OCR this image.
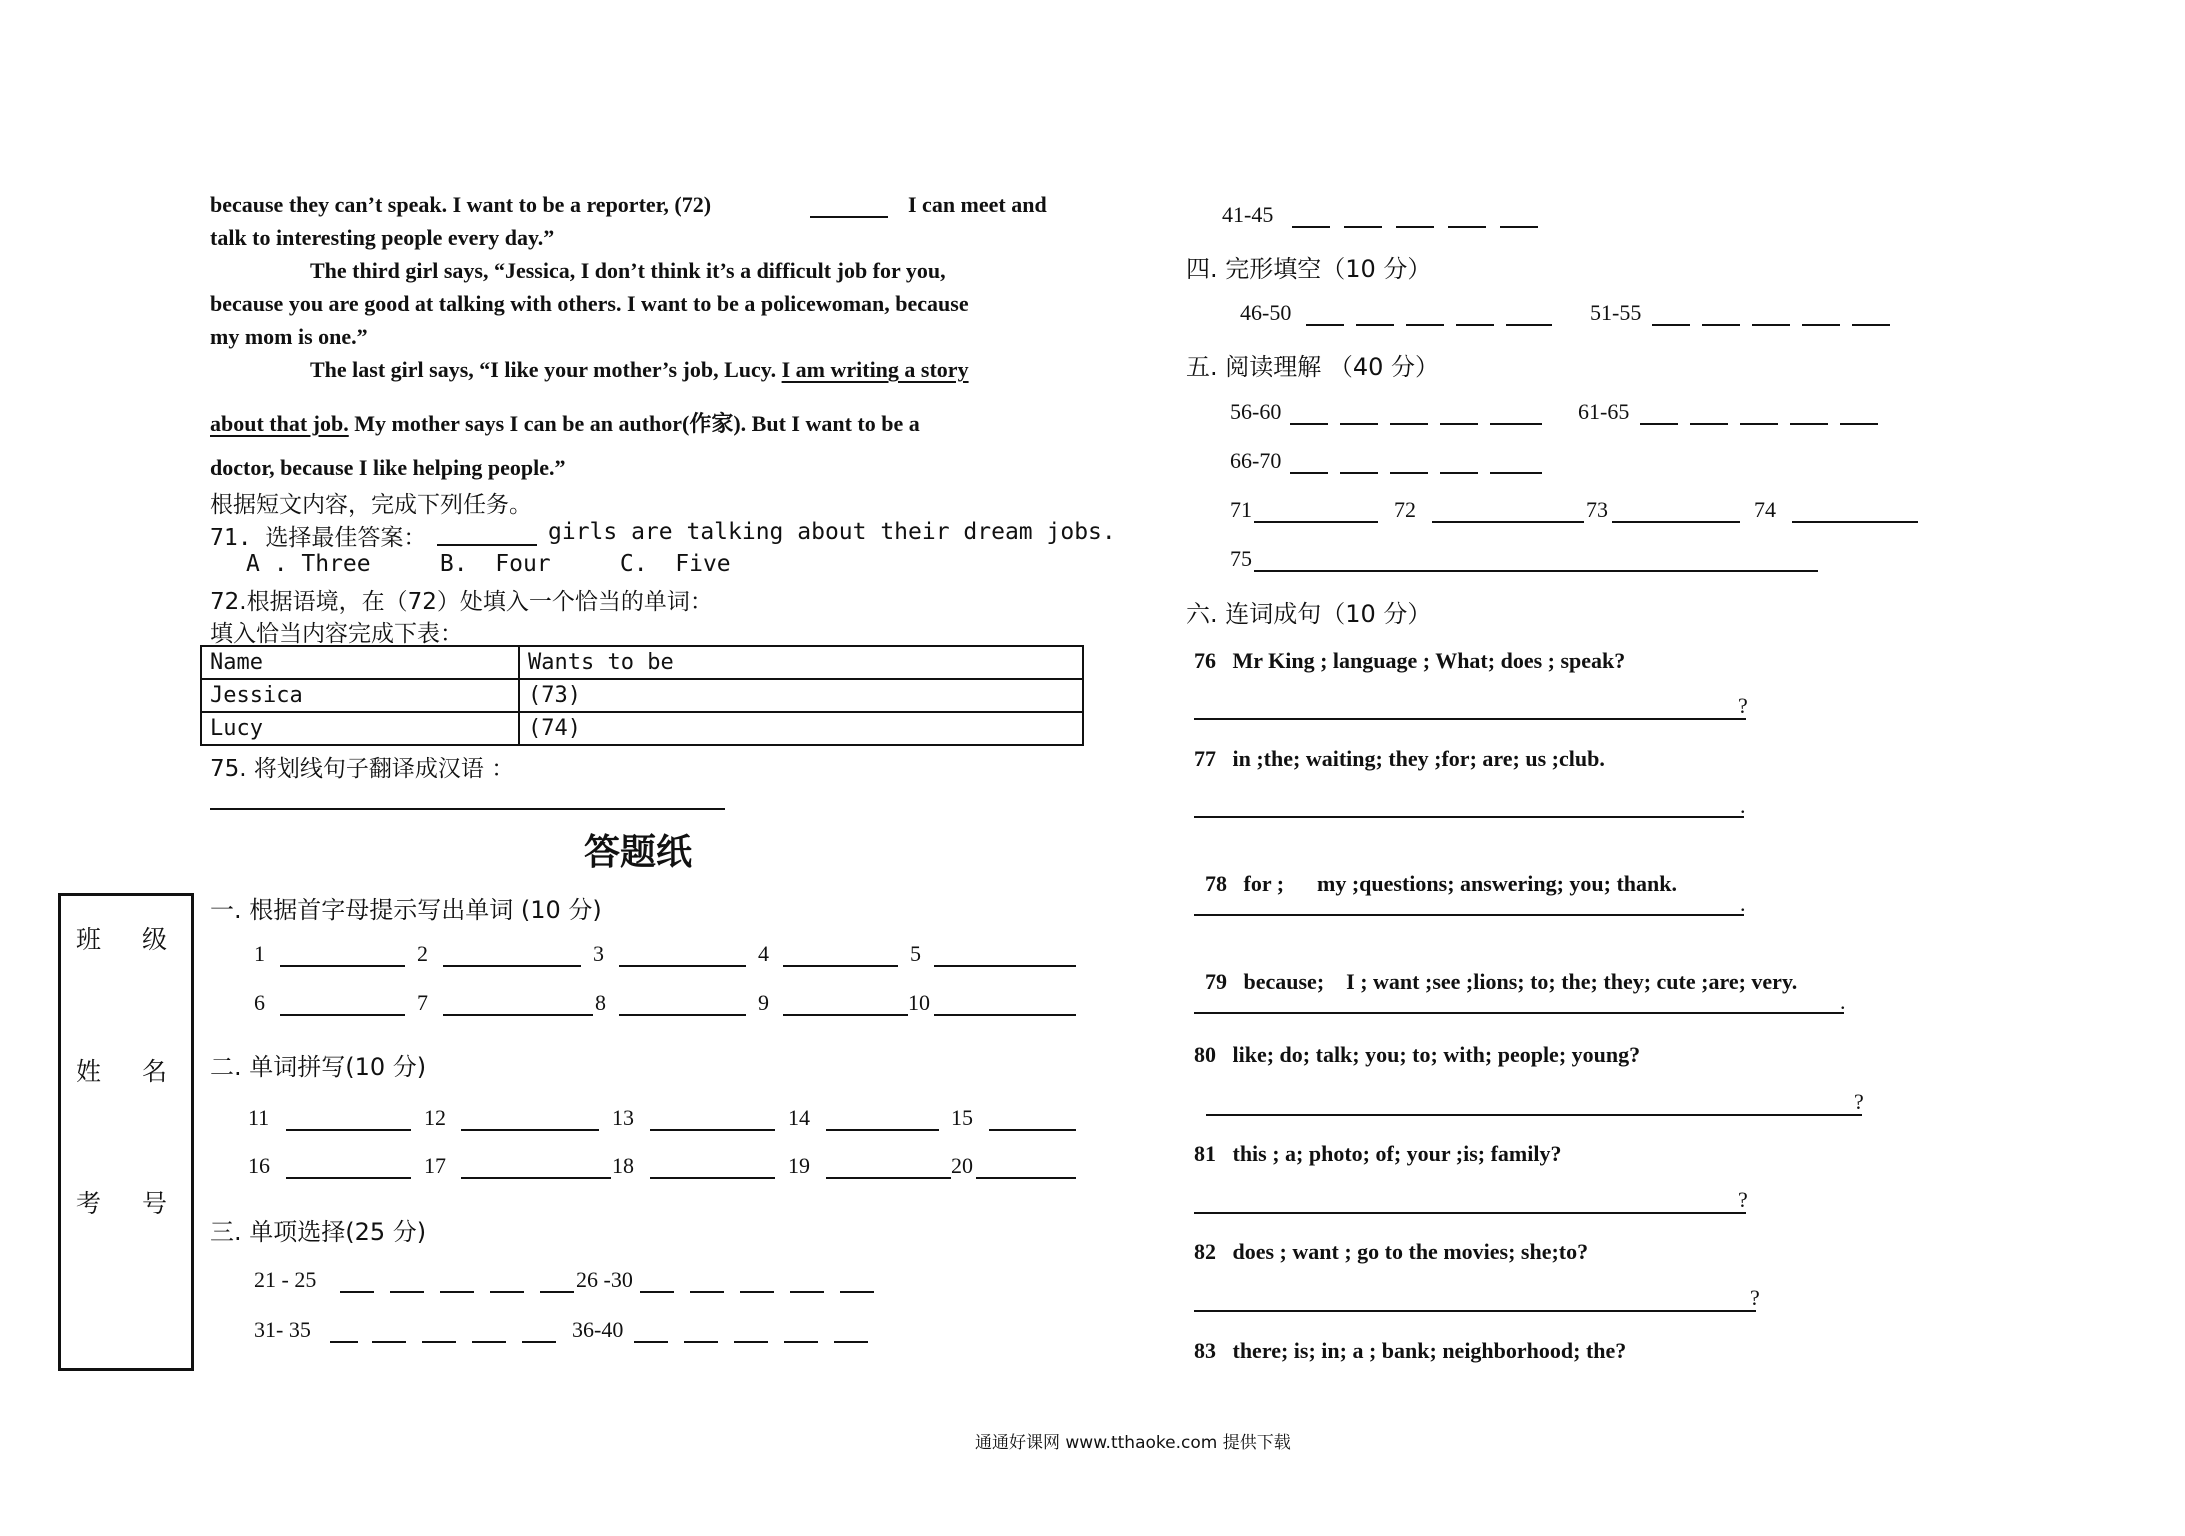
because they can’t speak. I want to be a reporter, (72)	I can meet and
talk to interesting people every day.”
The third girl says, “Jessica, I don’t think it’s a difficult job for you,
because you are good at talking with others. I want to be a policewoman, because
my mom is one.”
The last girl says, “I like your mother’s job, Lucy. I am writing a story
about that job. My mother says I can be an author(作家). But I want to be a
doctor, because I like helping people.”
根据短文内容，完成下列任务。
71. 选择最佳答案：	girls are talking about their dream jobs.
A . Three     B.  Four     C.  Five
72.根据语境，在（72）处填入一个恰当的单词：
填入恰当内容完成下表：
Name	Wants to be
Jessica	(73)
Lucy	(74)
75. 将划线句子翻译成汉语 ：
答题纸
班　级
姓　名
考　号
一. 根据首字母提示写出单词 (10 分)
1	2	3	4	5
6	7	8	9	10
二. 单词拼写(10 分)
11	12	13	14	15
16	17	18	19	20
三. 单项选择(25 分)
21 - 25	26 -30
31- 35	36-40
41-45
四. 完形填空（10 分）
46-50	51-55
五. 阅读理解 （40 分）
56-60	61-65
66-70
71	72	73	74
75
六. 连词成句（10 分）
76 Mr King ; language ; What; does ; speak?
?
77 in ;the; waiting; they ;for; are; us ;club.
.

78 for ;      my ;questions; answering; you; thank.

.

79 because;    I ; want ;see ;lions; to; the; they; cute ;are; very.

.
80 like; do; talk; you; to; with; people; young?
?
81 this ; a; photo; of; your ;is; family?
?
82 does ; want ; go to the movies; she;to?
?
83 there; is; in; a ; bank; neighborhood; the?
通通好课网 www.tthaoke.com 提供下载
